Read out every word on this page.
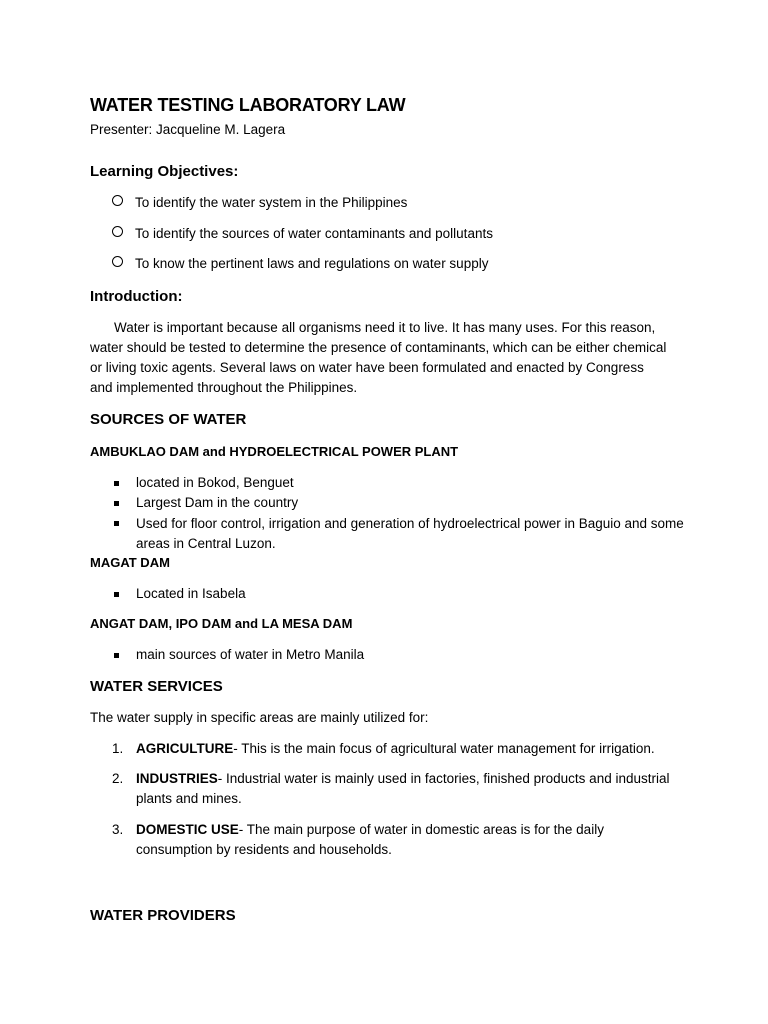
WATER TESTING LABORATORY LAW
Presenter: Jacqueline M. Lagera
Learning Objectives:
To identify the water system in the Philippines
To identify the sources of water contaminants and pollutants
To know the pertinent laws and regulations on water supply
Introduction:
Water is important because all organisms need it to live. It has many uses. For this reason, water should be tested to determine the presence of contaminants, which can be either chemical or living toxic agents. Several laws on water have been formulated and enacted by Congress and implemented throughout the Philippines.
SOURCES OF WATER
AMBUKLAO DAM and HYDROELECTRICAL POWER PLANT
located in Bokod, Benguet
Largest Dam in the country
Used for floor control, irrigation and generation of hydroelectrical power in Baguio and some areas in Central Luzon.
MAGAT DAM
Located in Isabela
ANGAT DAM, IPO DAM and LA MESA DAM
main sources of water in Metro Manila
WATER SERVICES
The water supply in specific areas are mainly utilized for:
1. AGRICULTURE- This is the main focus of agricultural water management for irrigation.
2. INDUSTRIES- Industrial water is mainly used in factories, finished products and industrial plants and mines.
3. DOMESTIC USE- The main purpose of water in domestic areas is for the daily consumption by residents and households.
WATER PROVIDERS
